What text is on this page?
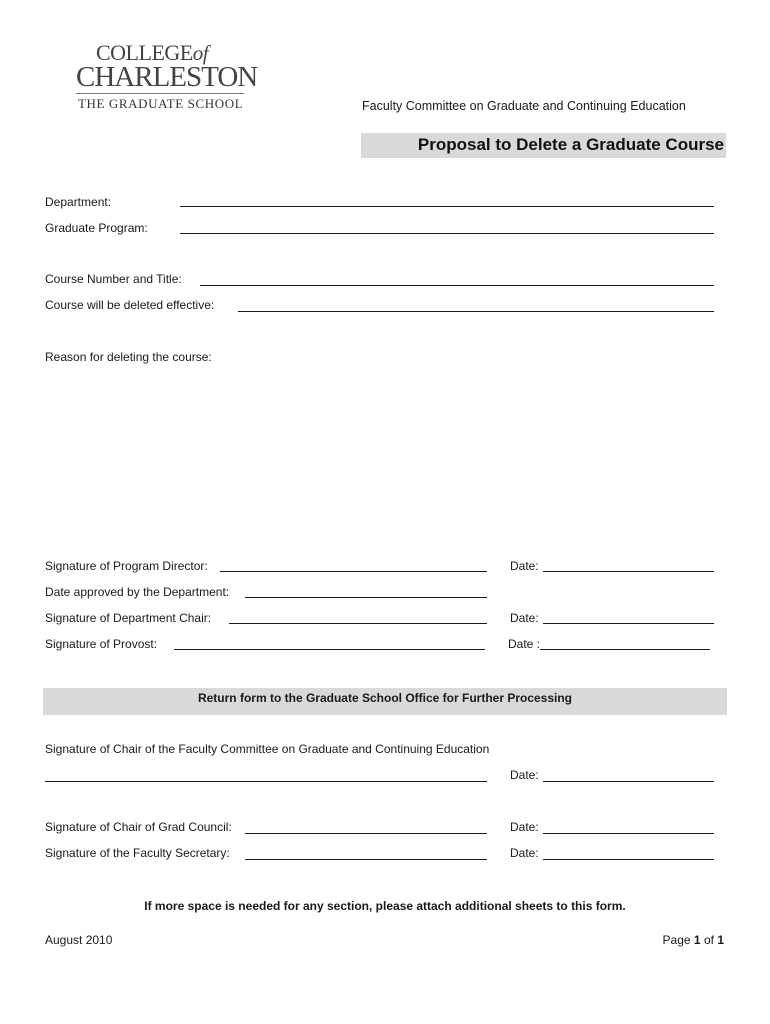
COLLEGEof
CHARLESTON
THE GRADUATE SCHOOL	Faculty Committee on Graduate and Continuing Education
Proposal to Delete a Graduate Course
Department:
Graduate Program:
Course Number and Title:
Course will be deleted effective:
Reason for deleting the course:
Signature of Program Director:	Date:
Date approved by the Department:
Signature of Department Chair:	Date:
Signature of Provost:	Date :
Return form to the Graduate School Office for Further Processing
Signature of Chair of the Faculty Committee on Graduate and Continuing Education
Date:
Signature of Chair of Grad Council:	Date:
Signature of the Faculty Secretary:	Date:
If more space is needed for any section, please attach additional sheets to this form.
August 2010	Page 1 of 1
